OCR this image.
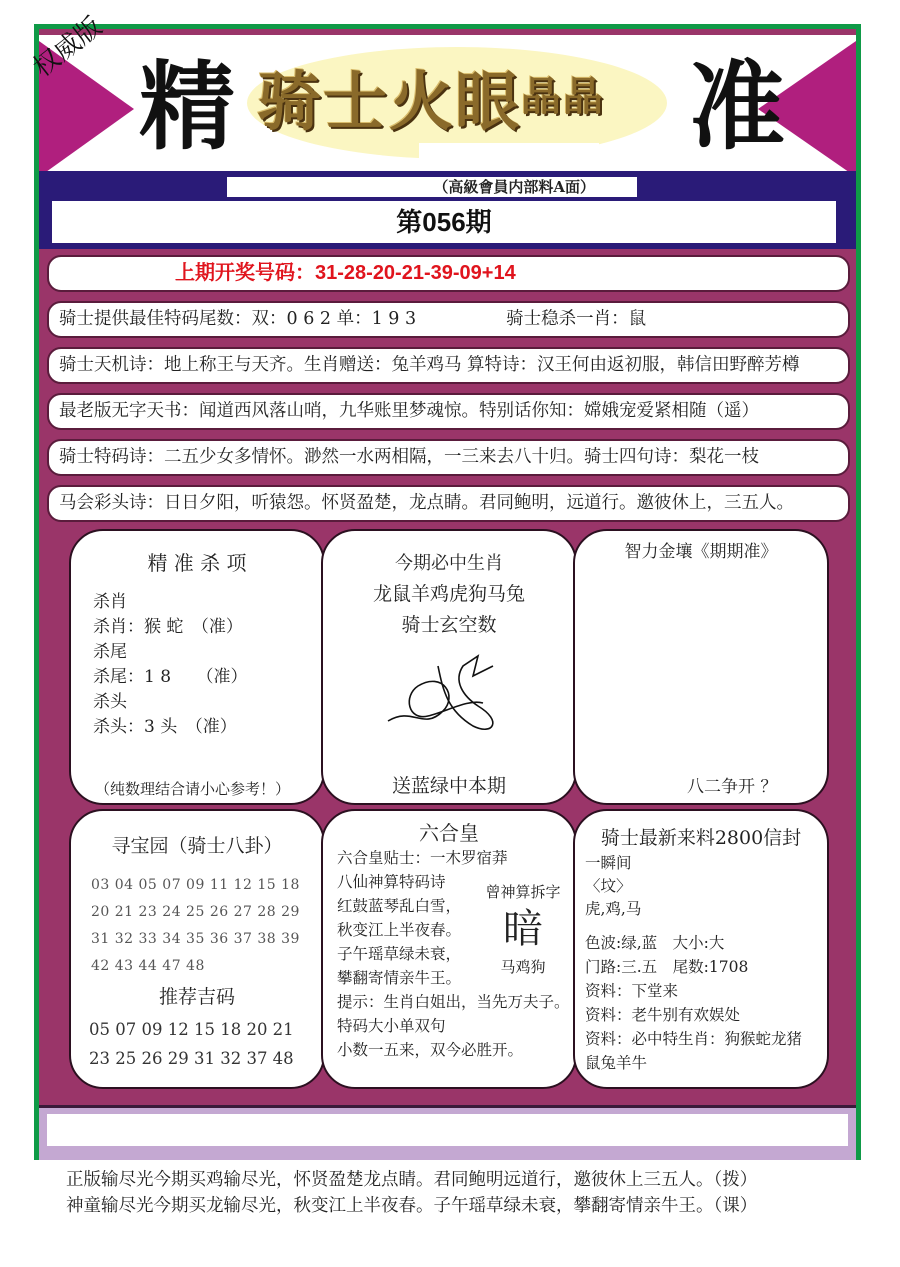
权威版
精 骑士火眼$^{晶晶}$ 准
（高級會員内部料A面）
第056期
上期开奖号码：31-28-20-21-39-09+14
骑士提供最佳特码尾数：双：0 6 2 单：1 9 3	骑士稳杀一肖：鼠
骑士天机诗：地上称王与天齐。生肖赠送：兔羊鸡马 算特诗：汉王何由返初服，韩信田野醉芳樽
最老版无字天书：闻道西风落山哨，九华账里梦魂惊。特别话你知：嫦娥宠爱紧相随（遥）
骑士特码诗：二五少女多情怀。渺然一水两相隔，一三来去八十归。骑士四句诗：梨花一枝
马会彩头诗：日日夕阳，听猿怨。怀贤盈楚，龙点睛。君同鲍明，远道行。邀彼休上，三五人。
精 准 杀 项
杀肖
杀肖：猴 蛇　（准）
杀尾
杀尾：1 8　　（准）
杀头
杀头：3 头　（准）
（纯数理结合请小心参考！）
今期必中生肖
龙鼠羊鸡虎狗马兔
骑士玄空数
送蓝绿中本期
智力金壤《期期准》
八二争开 ？
寻宝园（骑士八卦）
03 04 05 07 09 11 12 15 18
20 21 23 24 25 26 27 28 29
31 32 33 34 35 36 37 38 39
42 43 44 47 48
推荐吉码
05 07 09 12 15 18 20 21
23 25 26 29 31 32 37 48
六合皇
六合皇贴士：一木罗宿莽
八仙神算特码诗
红鼓蓝琴乱白雪，
秋变江上半夜春。
子午瑶草绿未衰，
攀翻寄情亲牛王。
提示：生肖白姐出，当先万夫子。
特码大小单双句
小数一五来，双今必胜开。
曾神算拆字
暗
马鸡狗
骑士最新来料2800信封
一瞬间
〈坟〉
虎,鸡,马
色波:绿,蓝　大小:大
门路:三.五　尾数:1708
资料：下堂来
资料：老牛别有欢娱处
资料：必中特生肖：狗猴蛇龙猪
鼠兔羊牛
正版输尽光今期买鸡输尽光，怀贤盈楚龙点睛。君同鲍明远道行，邀彼休上三五人。（拨）
神童输尽光今期买龙输尽光，秋变江上半夜春。子午瑶草绿未衰，攀翻寄情亲牛王。（课）
